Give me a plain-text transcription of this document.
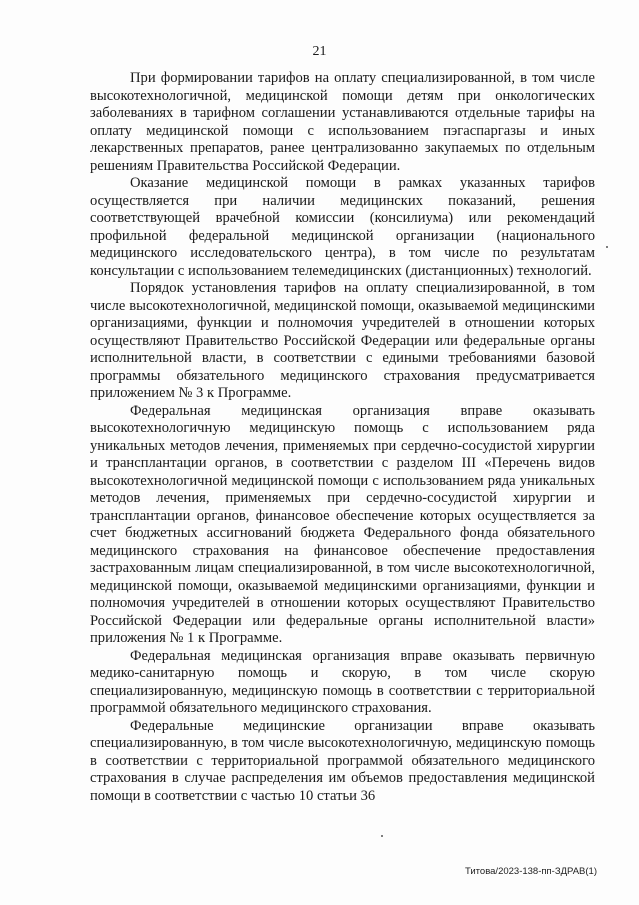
21

При формировании тарифов на оплату специализированной, в том числе высокотехнологичной, медицинской помощи детям при онкологических заболеваниях в тарифном соглашении устанавливаются отдельные тарифы на оплату медицинской помощи с использованием пэгаспаргазы и иных лекарственных препаратов, ранее централизованно закупаемых по отдельным решениям Правительства Российской Федерации.

Оказание медицинской помощи в рамках указанных тарифов осуществляется при наличии медицинских показаний, решения соответствующей врачебной комиссии (консилиума) или рекомендаций профильной федеральной медицинской организации (национального медицинского исследовательского центра), в том числе по результатам консультации с использованием телемедицинских (дистанционных) технологий.

Порядок установления тарифов на оплату специализированной, в том числе высокотехнологичной, медицинской помощи, оказываемой медицинскими организациями, функции и полномочия учредителей в отношении которых осуществляют Правительство Российской Федерации или федеральные органы исполнительной власти, в соответствии с едиными требованиями базовой программы обязательного медицинского страхования предусматривается приложением № 3 к Программе.

Федеральная медицинская организация вправе оказывать высокотехнологичную медицинскую помощь с использованием ряда уникальных методов лечения, применяемых при сердечно-сосудистой хирургии и трансплантации органов, в соответствии с разделом III «Перечень видов высокотехнологичной медицинской помощи с использованием ряда уникальных методов лечения, применяемых при сердечно-сосудистой хирургии и трансплантации органов, финансовое обеспечение которых осуществляется за счет бюджетных ассигнований бюджета Федерального фонда обязательного медицинского страхования на финансовое обеспечение предоставления застрахованным лицам специализированной, в том числе высокотехнологичной, медицинской помощи, оказываемой медицинскими организациями, функции и полномочия учредителей в отношении которых осуществляют Правительство Российской Федерации или федеральные органы исполнительной власти» приложения № 1 к Программе.

Федеральная медицинская организация вправе оказывать первичную медико-санитарную помощь и скорую, в том числе скорую специализированную, медицинскую помощь в соответствии с территориальной программой обязательного медицинского страхования.

Федеральные медицинские организации вправе оказывать специализированную, в том числе высокотехнологичную, медицинскую помощь в соответствии с территориальной программой обязательного медицинского страхования в случае распределения им объемов предоставления медицинской помощи в соответствии с частью 10 статьи 36

Титова/2023-138-пп-ЗДРАВ(1)
